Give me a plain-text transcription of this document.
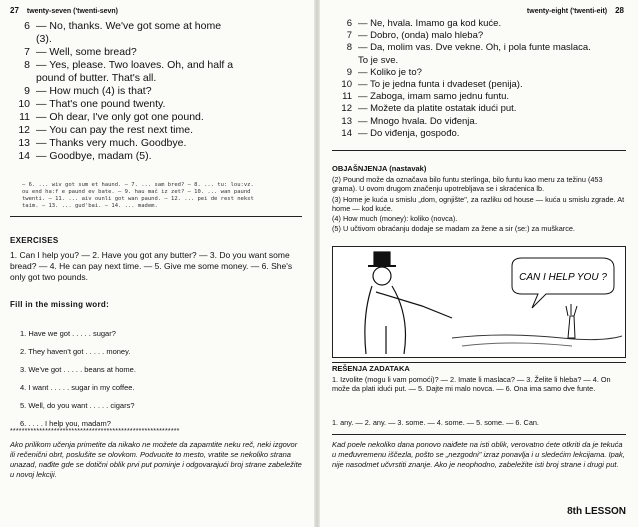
27 twenty-seven ('twenti-sevn)
6 — No, thanks. We've got some at home
(3).
7 — Well, some bread?
8 — Yes, please. Two loaves. Oh, and half a
pound of butter. That's all.
9 — How much (4) is that?
10 — That's one pound twenty.
11 — Oh dear, I've only got one pound.
12 — You can pay the rest next time.
13 — Thanks very much. Goodbye.
14 — Goodbye, madam (5).
— 6. ... wiv got sum et haund. — 7. ... sam bred? — 8. ... tu: lou:vz.
ou end ha:f e paund ev bate. — 9. hau mač iz zet? — 10. ... wan paund
twenti. — 11. ... aiv ounli got wan paund. — 12. ... pei de rest nekst
taim. — 13. ... gud'bai. — 14. ... madem.
EXERCISES
1. Can I help you? — 2. Have you got any butter? — 3. Do you want some bread? — 4. He can pay next time. — 5. Give me some money. — 6. She's only got two pounds.
Fill in the missing word:
1. Have we got . . . . . sugar?
2. They haven't got . . . . . money.
3. We've got . . . . . beans at home.
4. I want . . . . . sugar in my coffee.
5. Well, do you want . . . . . cigars?
6. . . . . I help you, madam?
**********************************************************
Ako prilikom učenja primetite da nikako ne možete da zapamtite neku reč, neki izgovor ili rečenični obrt, poslušite se olovkom. Podvucite to mesto, vratite se nekoliko strana unazad, nađite gde se dotični oblik prvi put pominje i odgovarajući broj strane zabeležite u novoj lekciji.
twenty-eight ('twenti-eit) 28
6 — Ne, hvala. Imamo ga kod kuće.
7 — Dobro, (onda) malo hleba?
8 — Da, molim vas. Dve vekne. Oh, i pola funte maslaca.
To je sve.
9 — Koliko je to?
10 — To je jedna funta i dvadeset (penija).
11 — Zaboga, imam samo jednu funtu.
12 — Možete da platite ostatak idući put.
13 — Mnogo hvala. Do viđenja.
14 — Do viđenja, gospođo.
OBJAŠNJENJA (nastavak)
(2) Pound može da označava bilo funtu sterlinga, bilo funtu kao meru za težinu (453 grama). U ovom drugom značenju upotrebljava se i skraćenica lb.
(3) Home je kuća u smislu „dom, ognjište", za razliku od house — kuća u smislu zgrade. At home — kod kuće.
(4) How much (money): koliko (novca).
(5) U učtivom obraćanju dodaje se madam za žene a sir (se:) za muškarce.
CAN I HELP YOU ?
REŠENJA ZADATAKA
1. Izvolite (mogu li vam pomoći)? — 2. Imate li maslaca? — 3. Želite li hleba? — 4. On može da plati idući put. — 5. Dajte mi malo novca. — 6. Ona ima samo dve funte.
1. any. — 2. any. — 3. some. — 4. some. — 5. some. — 6. Can.
Kad poele nekoliko dana ponovo naiđete na isti oblik, verovatno ćete otkriti da je tekuća u međuvremenu iščezla, pošto se „nezgodni" izraz ponavlja i u sledećim lekcijama. Ipak, nije nasodmet učvrstiti znanje. Ako je neophodno, zabeležite isti broj strane i drugi put.
8th LESSON
